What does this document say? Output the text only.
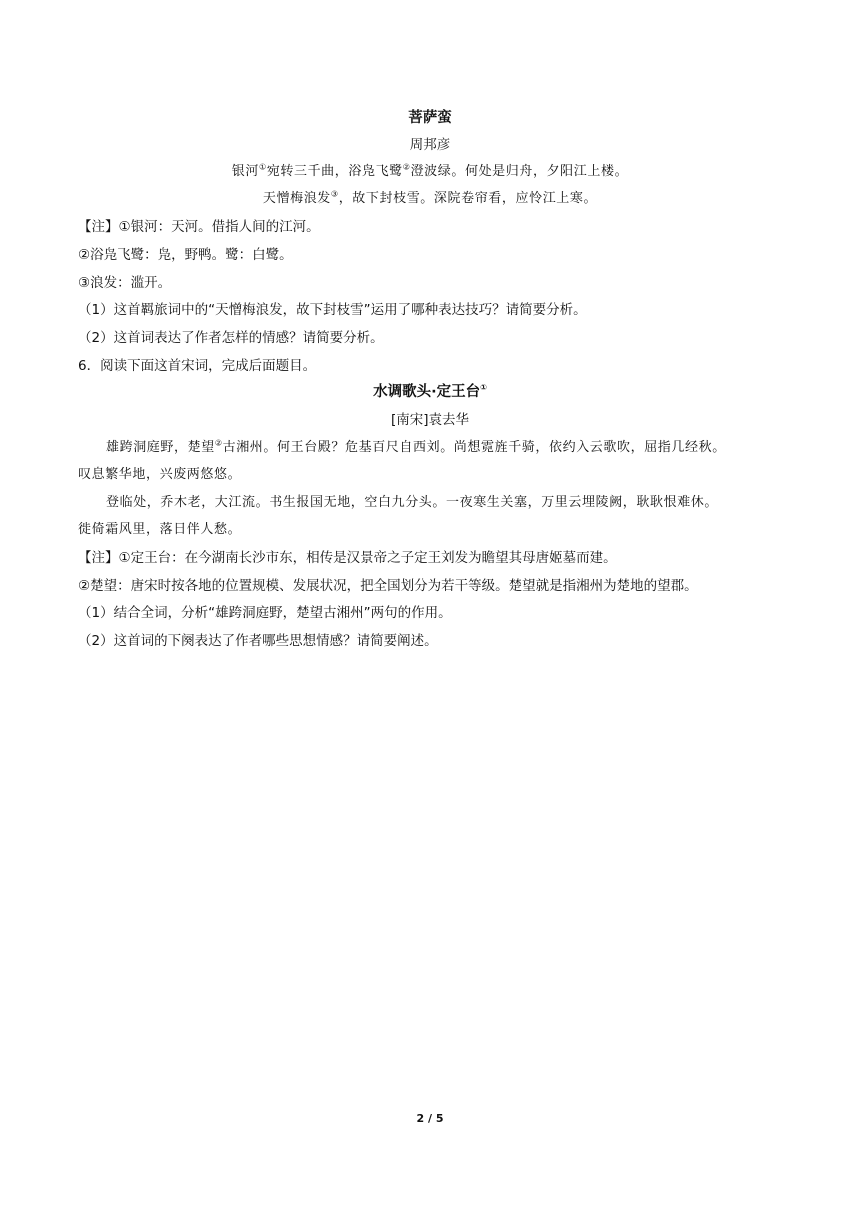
菩萨蛮
周邦彦
银河①宛转三千曲，浴凫飞鹭②澄波绿。何处是归舟，夕阳江上楼。
天憎梅浪发③，故下封枝雪。深院卷帘看，应怜江上寒。
【注】①银河：天河。借指人间的江河。
②浴凫飞鹭：凫，野鸭。鹭：白鹭。
③浪发：滥开。
（1）这首羁旅词中的“天憎梅浪发，故下封枝雪”运用了哪种表达技巧？请简要分析。
（2）这首词表达了作者怎样的情感？请简要分析。
6．阅读下面这首宋词，完成后面题目。
水调歌头·定王台①
[南宋]袁去华
雄跨洞庭野，楚望②古湘州。何王台殿？危基百尺自西刘。尚想霓旌千骑，依约入云歌吹，屈指几经秋。
叹息繁华地，兴废两悠悠。
登临处，乔木老，大江流。书生报国无地，空白九分头。一夜寒生关塞，万里云埋陵阙，耿耿恨难休。
徙倚霜风里，落日伴人愁。
【注】①定王台：在今湖南长沙市东，相传是汉景帝之子定王刘发为瞻望其母唐姬墓而建。
②楚望：唐宋时按各地的位置规模、发展状况，把全国划分为若干等级。楚望就是指湘州为楚地的望郡。
（1）结合全词，分析“雄跨洞庭野，楚望古湘州”两句的作用。
（2）这首词的下阕表达了作者哪些思想情感？请简要阐述。
2 / 5
